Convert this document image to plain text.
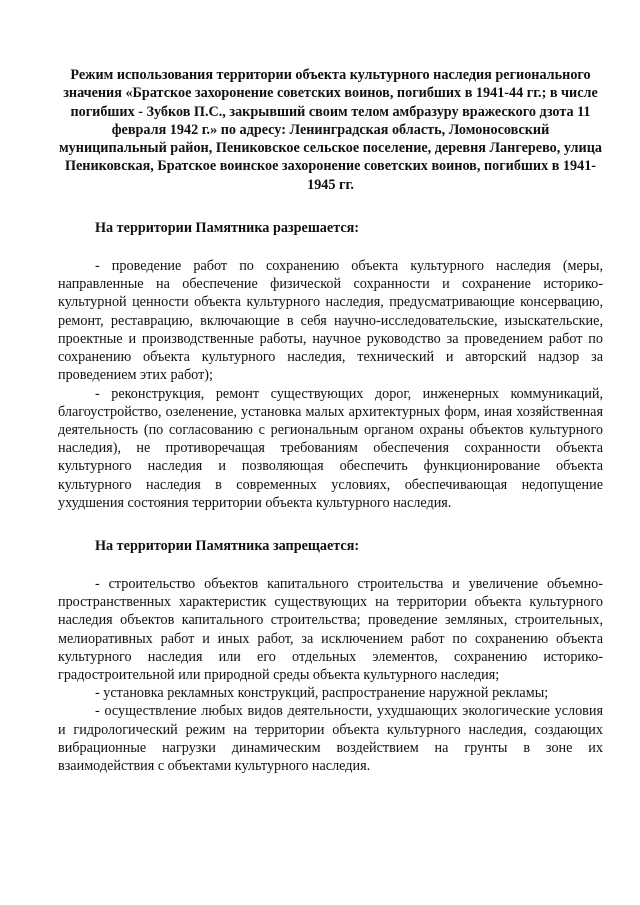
Режим использования территории объекта культурного наследия регионального значения «Братское захоронение советских воинов, погибших в 1941-44 гг.; в числе погибших - Зубков П.С., закрывший своим телом амбразуру вражеского дзота 11 февраля 1942 г.» по адресу: Ленинградская область, Ломоносовский муниципальный район, Пениковское сельское поселение, деревня Лангерево, улица Пениковская, Братское воинское захоронение советских воинов, погибших в 1941-1945 гг.

На территории Памятника разрешается:

- проведение работ по сохранению объекта культурного наследия (меры, направленные на обеспечение физической сохранности и сохранение историко-культурной ценности объекта культурного наследия, предусматривающие консервацию, ремонт, реставрацию, включающие в себя научно-исследовательские, изыскательские, проектные и производственные работы, научное руководство за проведением работ по сохранению объекта культурного наследия, технический и авторский надзор за проведением этих работ);
- реконструкция, ремонт существующих дорог, инженерных коммуникаций, благоустройство, озеленение, установка малых архитектурных форм, иная хозяйственная деятельность (по согласованию с региональным органом охраны объектов культурного наследия), не противоречащая требованиям обеспечения сохранности объекта культурного наследия и позволяющая обеспечить функционирование объекта культурного наследия в современных условиях, обеспечивающая недопущение ухудшения состояния территории объекта культурного наследия.

На территории Памятника запрещается:

- строительство объектов капитального строительства и увеличение объемно-пространственных характеристик существующих на территории объекта культурного наследия объектов капитального строительства; проведение земляных, строительных, мелиоративных работ и иных работ, за исключением работ по сохранению объекта культурного наследия или его отдельных элементов, сохранению историко-градостроительной или природной среды объекта культурного наследия;
- установка рекламных конструкций, распространение наружной рекламы;
- осуществление любых видов деятельности, ухудшающих экологические условия и гидрологический режим на территории объекта культурного наследия, создающих вибрационные нагрузки динамическим воздействием на грунты в зоне их взаимодействия с объектами культурного наследия.
